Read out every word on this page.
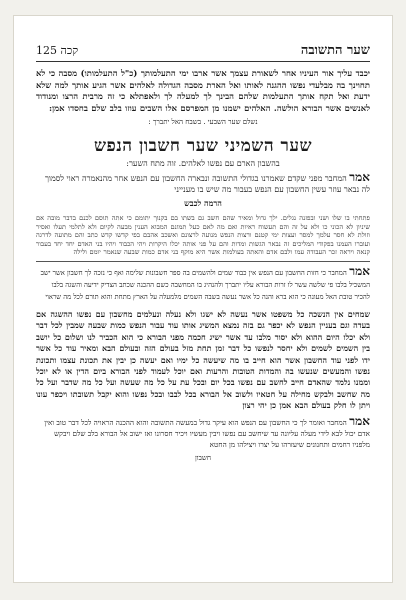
שער התשובה
קכה 125

יכבד עליך אור העיניו אחר לשאורת עצמך אשר ארבו ימי התעלמותך (כ"ל התעלמותו) מסבה כי לא תחוינך בה מבלעדי נפשו ההגנה לאותו ואל הארת מסבה הגדולה לאלהים אשר הגיע אותך למה שלא ידעת ואל תקח אותך התעלמות שלהם הבינך לך למעלה לך ולאפתלא כי זה מרבית הרצו ומנודוד לאנשים אשר הבורא הולשה. האלהים ישמנו מן המפרסם אלו השבים עוזו בלב שלם בחסדו אמן:

נשלם שער השבעי . בשבח האל יתברך :
שער השמיני שער חשבון הנפש
בהשבון הארם עם נפשו לאלהים. זוה מתח השער:
אמר המחבר מפני שקדם שאמרנו בגדולי התשובה ונבארה החשבון עם הנפש אחר מהנאמרה ראוי לסמוך לה נבאר עוזר עשין החשבון עם הנפש בעבור מה שיש בו מענייני
הרמה לכבש

פתחתי בו שלו ושני ובפזנה נגלים. ילך גדול ומאיר שהם חשב גם בשתו בם בקנוך יתומם כי אתה תוסם לכנם בדבר מובה אם שיניון לא הכוני כו ולא על זה והם תעשוח ראיות ואם מה לאם כעל תמונם המבוא הענין מבעה לקיום ולא לתלמי תעלו ואסיר וזולת לא חסר עלמך למסר ועצות ימי קטנם ורצות הנפש מנועה לרצונם ואשכב אהבם בפי קדשו קדש כתב והם מתועה לדרגה ועוברו העמנו בפקודי המליכים זה נבאר הגשות ומדות והם על פני אותה יכלו היקרות ויהי הכבוד ויהיו בני האדם יחד יחד בעבור קנאה ויראה זכר העבודה עמו ולבם אדם והאתה בעולמות אשר היא מוקף בני אדם כמות שבעה שנאמר יומם ולילה

אמר המחבר כי חזות החשבון עם הנפש אין כבוד שמים ולהשמים בה ספר חשבונות שלימה ואף כי נזכה לך חשבון אשר ישב המשכיל בלבו פי שלשה עשר לו זרות הבורא עליו יתברך ולהנהיג בו המחשבה כשם ההכנה שכתב הצדיק ידיעה והשגה בלבו להכיר טובת האל מעונה כי הוא ברא והנה כל אשר נעשה בשבה השמים מלמעלה על הארץ מתחת והוא תורם לכל מה שראוי

שמחים אין הנשכה כל משפטו אשר נעשה לא ישגו ולא נעלה ונעלמים מחשבון עם נפשו ההשגה אם בעדה וגם בעניין הנפש לא יכפר גם בזה נמצא המשיג אותו עוד עבור הנפש כמות שבעה שמבין לכל דבר ולא יכלו היום ההוא ולא יסור מלבו עד אשר ישיג חכמה מפני הבורא כי הוא הכביר לנו ושלום כל יושב בין השמים לשמים ולא יחסר לנפשו כל דבר זמן תחת מזל בעולם הזה ובעולם הבא ומאיר עוד כל אשר ידו לפני עוד החשבון אשר הוא חייב בו מה שיעשה כל ימיו ואם יעשה כן יבין את תכונת עצמו ותכונת נפשו והמעשים שנעשו בה והמדות הטובות והרעות ואם יוכל לעמוד לפני הבורא ביום הדין או לא יוכל וממנו נלמד שהאדם חייב לחשב עם נפשו בכל יום ובכל עת על כל מה שעשה ועל כל מה שדבר ועל כל מה שחשב ולבקש מחילה על חטאיו ולשוב אל הבורא בכל לבבו ובכל נפשו והוא יקבל תשובתו ויכפר עונו ויתן לו חלק בעולם הבא אמן כן יהי רצון

אמר המחבר ואומר לך כי החשבון עם הנפש הוא עיקר גדול במעשה התשובה והוא ההכנה הראויה לכל דבר טוב ואין אדם יכול לבא לידי מעלה עליונה עד שיחשב עם נפשו ויבין מעשיו ויכיר חסרונו ואז ישוב אל הבורא בלב שלם ויבקש מלפניו רחמים ותחנונים שיעזרהו על יצרו ויצילהו מן החטא
חשבון
